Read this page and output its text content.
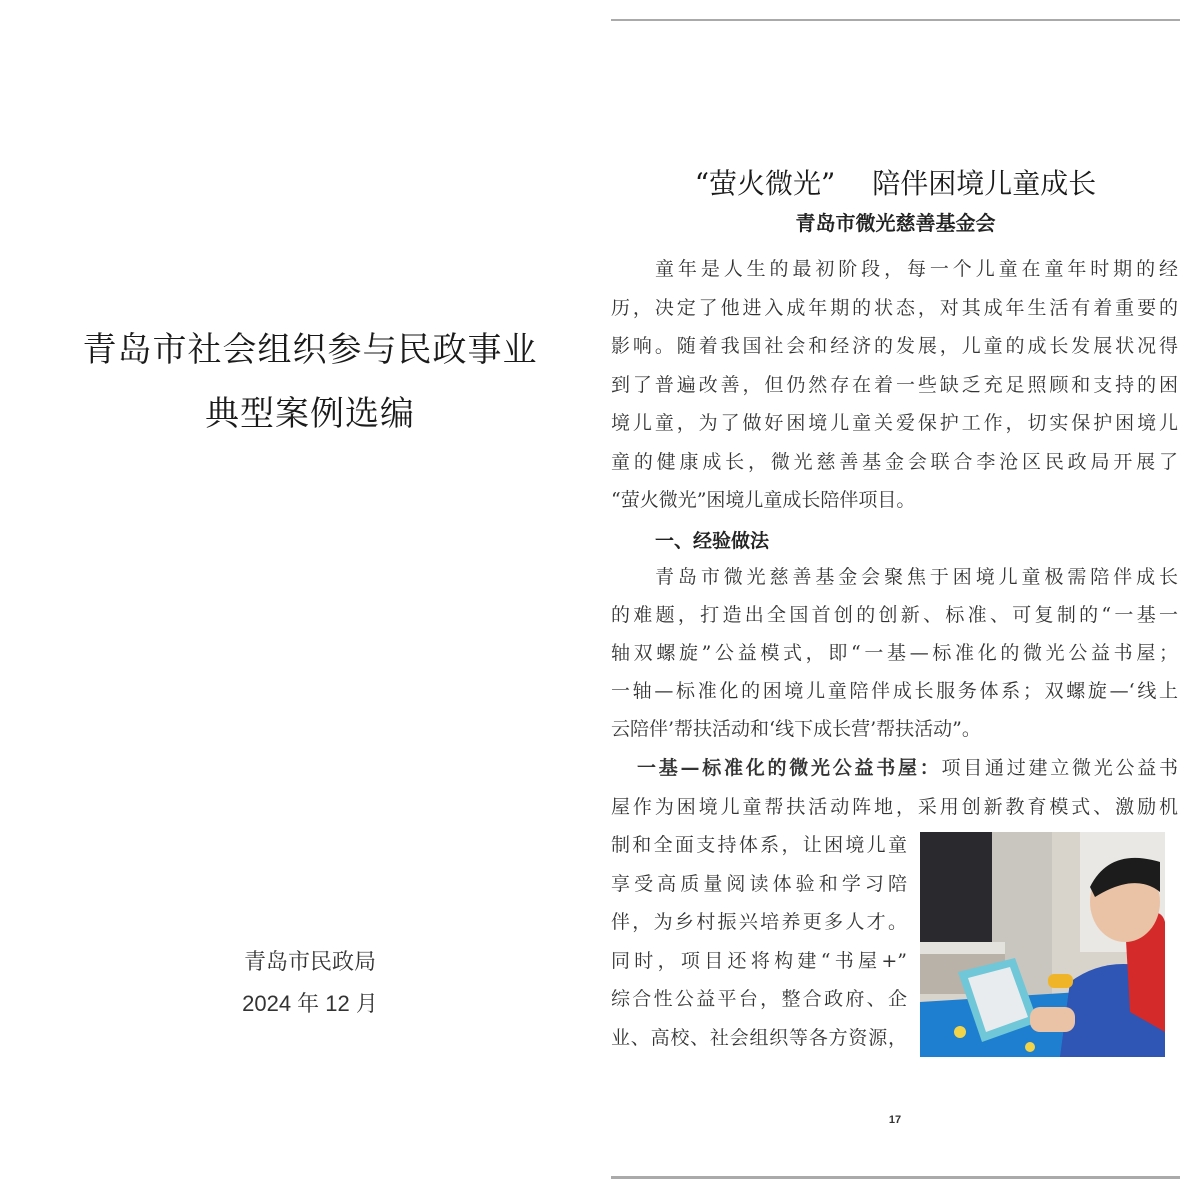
青岛市社会组织参与民政事业
典型案例选编
青岛市民政局
2024 年 12 月
“萤火微光”　 陪伴困境儿童成长
青岛市微光慈善基金会
童年是人生的最初阶段，每一个儿童在童年时期的经
历，决定了他进入成年期的状态，对其成年生活有着重要的
影响。随着我国社会和经济的发展，儿童的成长发展状况得
到了普遍改善，但仍然存在着一些缺乏充足照顾和支持的困
境儿童，为了做好困境儿童关爱保护工作，切实保护困境儿
童的健康成长，微光慈善基金会联合李沧区民政局开展了
“萤火微光”困境儿童成长陪伴项目。
一、经验做法
青岛市微光慈善基金会聚焦于困境儿童极需陪伴成长
的难题，打造出全国首创的创新、标准、可复制的“一基一
轴双螺旋”公益模式，即“一基—标准化的微光公益书屋；
一轴—标准化的困境儿童陪伴成长服务体系；双螺旋—‘线上
云陪伴’帮扶活动和‘线下成长营’帮扶活动”。
一基—标准化的微光公益书屋：项目通过建立微光公益书
屋作为困境儿童帮扶活动阵地，采用创新教育模式、激励机
制和全面支持体系，让困境儿童
享受高质量阅读体验和学习陪
伴，为乡村振兴培养更多人才。
同时，项目还将构建“书屋+”
综合性公益平台，整合政府、企
业、高校、社会组织等各方资源，
17
